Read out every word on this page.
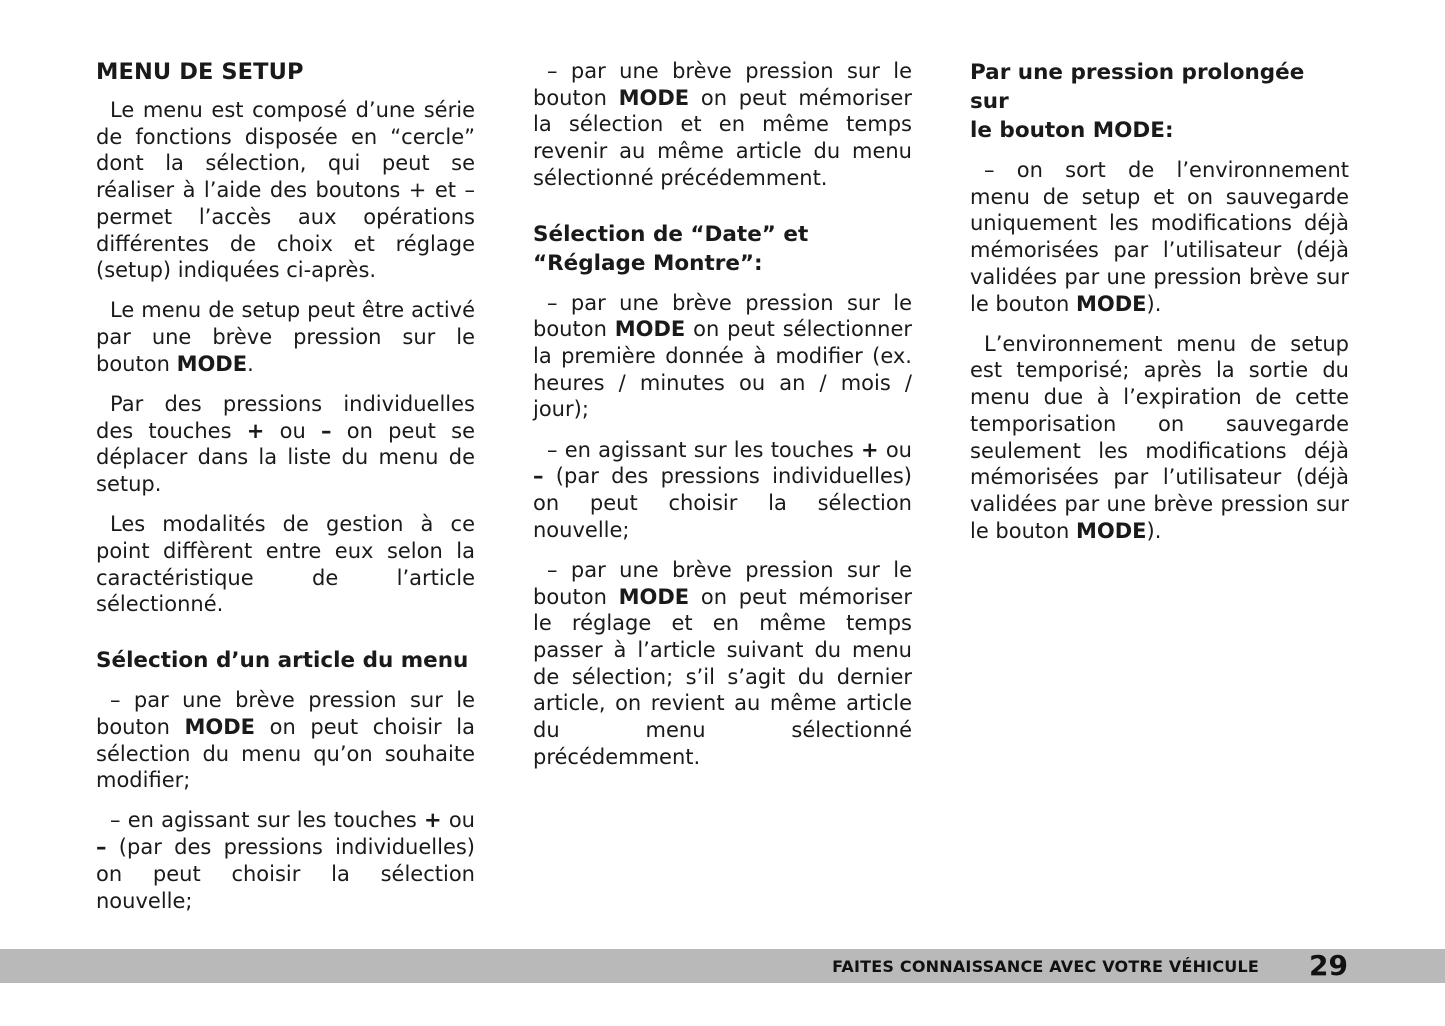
MENU DE SETUP

Le menu est composé d’une série de fonctions disposée en “cercle” dont la sélection, qui peut se réaliser à l’aide des boutons + et – permet l’accès aux opérations différentes de choix et réglage (setup) indiquées ci-après.

Le menu de setup peut être activé par une brève pression sur le bouton MODE.

Par des pressions individuelles des touches + ou – on peut se déplacer dans la liste du menu de setup.

Les modalités de gestion à ce point diffèrent entre eux selon la caractéristique de l’article sélectionné.

Sélection d’un article du menu

– par une brève pression sur le bouton MODE on peut choisir la sélection du menu qu’on souhaite modifier;

– en agissant sur les touches + ou – (par des pressions individuelles) on peut choisir la sélection nouvelle;

– par une brève pression sur le bouton MODE on peut mémoriser la sélection et en même temps revenir au même article du menu sélectionné précédemment.

Sélection de “Date” et
“Réglage Montre”:

– par une brève pression sur le bouton MODE on peut sélectionner la première donnée à modifier (ex. heures / minutes ou an / mois / jour);

– en agissant sur les touches + ou – (par des pressions individuelles) on peut choisir la sélection nouvelle;

– par une brève pression sur le bouton MODE on peut mémoriser le réglage et en même temps passer à l’article suivant du menu de sélection; s’il s’agit du dernier article, on revient au même article du menu sélectionné précédemment.

Par une pression prolongée sur
le bouton MODE:

– on sort de l’environnement menu de setup et on sauvegarde uniquement les modifications déjà mémorisées par l’utilisateur (déjà validées par une pression brève sur le bouton MODE).

L’environnement menu de setup est temporisé; après la sortie du menu due à l’expiration de cette temporisation on sauvegarde seulement les modifications déjà mémorisées par l’utilisateur (déjà validées par une brève pression sur le bouton MODE).

FAITES CONNAISSANCE AVEC VOTRE VÉHICULE 29
